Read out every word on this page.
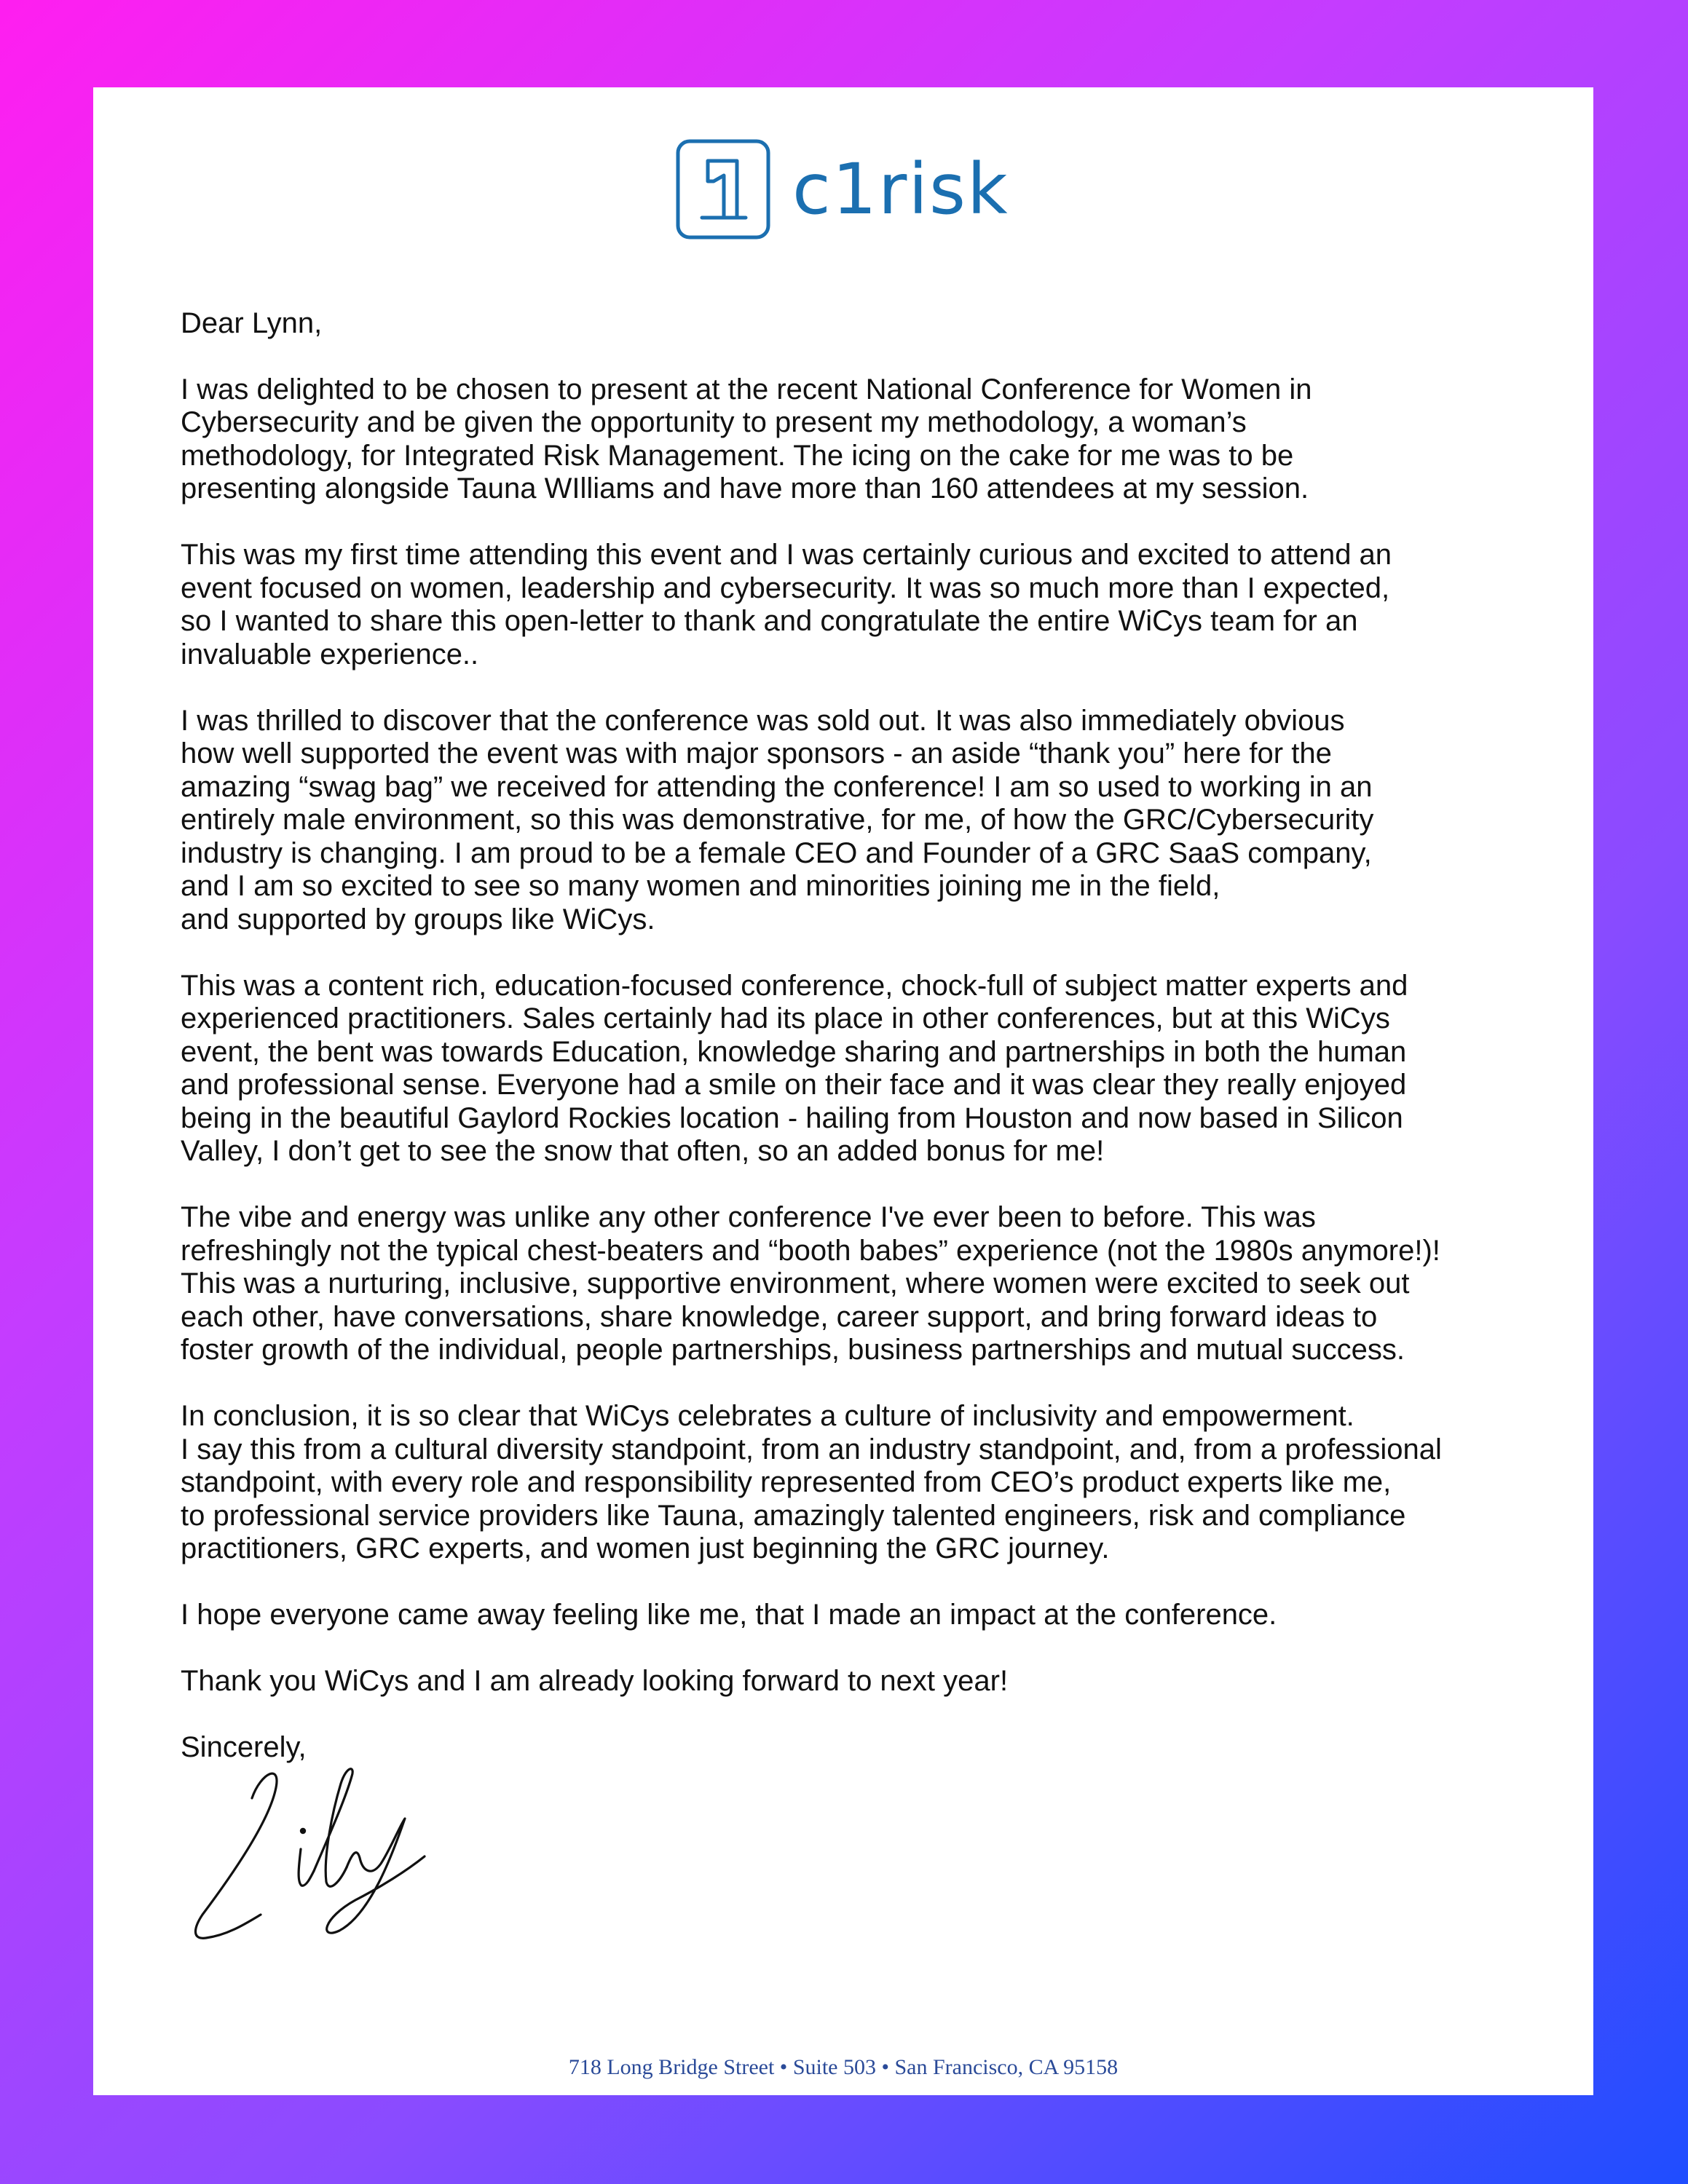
c1risk
Dear Lynn,
I was delighted to be chosen to present at the recent National Conference for Women in
Cybersecurity and be given the opportunity to present my methodology, a woman’s
methodology, for Integrated Risk Management. The icing on the cake for me was to be
presenting alongside Tauna WIlliams and have more than 160 attendees at my session.
This was my first time attending this event and I was certainly curious and excited to attend an
event focused on women, leadership and cybersecurity. It was so much more than I expected,
so I wanted to share this open-letter to thank and congratulate the entire WiCys team for an
invaluable experience..
I was thrilled to discover that the conference was sold out. It was also immediately obvious
how well supported the event was with major sponsors - an aside “thank you” here for the
amazing “swag bag” we received for attending the conference! I am so used to working in an
entirely male environment, so this was demonstrative, for me, of how the GRC/Cybersecurity
industry is changing. I am proud to be a female CEO and Founder of a GRC SaaS company,
and I am so excited to see so many women and minorities joining me in the field,
and supported by groups like WiCys.
This was a content rich, education-focused conference, chock-full of subject matter experts and
experienced practitioners. Sales certainly had its place in other conferences, but at this WiCys
event, the bent was towards Education, knowledge sharing and partnerships in both the human
and professional sense. Everyone had a smile on their face and it was clear they really enjoyed
being in the beautiful Gaylord Rockies location - hailing from Houston and now based in Silicon
Valley, I don’t get to see the snow that often, so an added bonus for me!
The vibe and energy was unlike any other conference I've ever been to before. This was
refreshingly not the typical chest-beaters and “booth babes” experience (not the 1980s anymore!)!
This was a nurturing, inclusive, supportive environment, where women were excited to seek out
each other, have conversations, share knowledge, career support, and bring forward ideas to
foster growth of the individual, people partnerships, business partnerships and mutual success.
In conclusion, it is so clear that WiCys celebrates a culture of inclusivity and empowerment.
I say this from a cultural diversity standpoint, from an industry standpoint, and, from a professional
standpoint, with every role and responsibility represented from CEO’s product experts like me,
to professional service providers like Tauna, amazingly talented engineers, risk and compliance
practitioners, GRC experts, and women just beginning the GRC journey.
I hope everyone came away feeling like me, that I made an impact at the conference.
Thank you WiCys and I am already looking forward to next year!
Sincerely,
718 Long Bridge Street • Suite 503 • San Francisco, CA 95158
